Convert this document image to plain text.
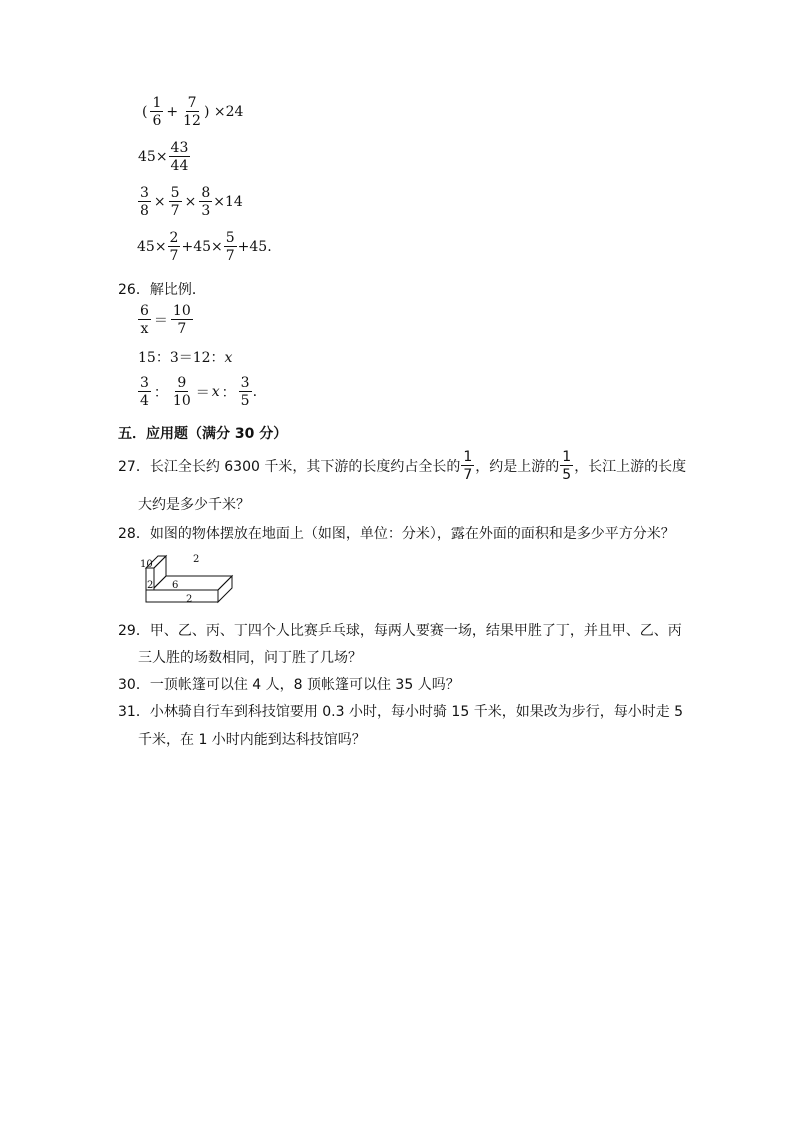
( $\frac{1}{6} + \frac{7}{12}$ ) ×24
$45\times \frac{43}{44}$
$\frac{3}{8} \times \frac{5}{7} \times \frac{8}{3} \times 14$
$45\times \frac{2}{7} +45\times \frac{5}{7} +45$.
26．解比例．
$\frac{6}{x} = \frac{10}{7}$
15：3＝12：x
$\frac{3}{4}$ ： $\frac{9}{10} = x$ ： $\frac{3}{5}$ .
五．应用题（满分 30 分）
27．长江全长约 6300 千米，其下游的长度约占全长的 $\frac{1}{7}$ ，约是上游的 $\frac{1}{5}$ ，长江上游的长度
大约是多少千米？
28．如图的物体摆放在地面上（如图，单位：分米），露在外面的面积和是多少平方分米？
10	2
2 6
2
29．甲、乙、丙、丁四个人比赛乒乓球，每两人要赛一场，结果甲胜了丁，并且甲、乙、丙
三人胜的场数相同，问丁胜了几场？
30．一顶帐篷可以住 4 人，8 顶帐篷可以住 35 人吗？
31．小林骑自行车到科技馆要用 0.3 小时，每小时骑 15 千米，如果改为步行，每小时走 5
千米，在 1 小时内能到达科技馆吗？
